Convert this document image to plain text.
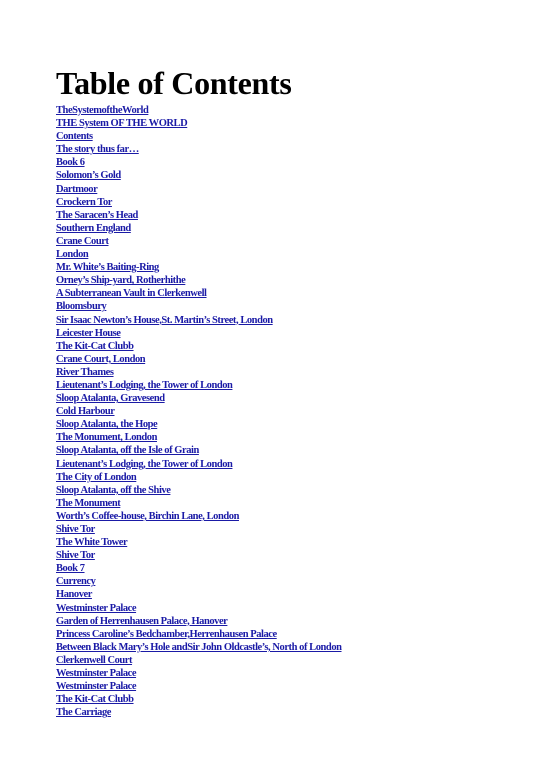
Table of Contents
TheSystemoftheWorld
THE System OF THE WORLD
Contents
The story thus far…
Book 6
Solomon’s Gold
Dartmoor
Crockern Tor
The Saracen’s Head
Southern England
Crane Court
London
Mr. White’s Baiting-Ring
Orney’s Ship-yard, Rotherhithe
A Subterranean Vault in Clerkenwell
Bloomsbury
Sir Isaac Newton’s House,St. Martin’s Street, London
Leicester House
The Kit-Cat Clubb
Crane Court, London
River Thames
Lieutenant’s Lodging, the Tower of London
Sloop Atalanta, Gravesend
Cold Harbour
Sloop Atalanta, the Hope
The Monument, London
Sloop Atalanta, off the Isle of Grain
Lieutenant’s Lodging, the Tower of London
The City of London
Sloop Atalanta, off the Shive
The Monument
Worth’s Coffee-house, Birchin Lane, London
Shive Tor
The White Tower
Shive Tor
Book 7
Currency
Hanover
Westminster Palace
Garden of Herrenhausen Palace, Hanover
Princess Caroline’s Bedchamber,Herrenhausen Palace
Between Black Mary’s Hole andSir John Oldcastle’s, North of London
Clerkenwell Court
Westminster Palace
Westminster Palace
The Kit-Cat Clubb
The Carriage
